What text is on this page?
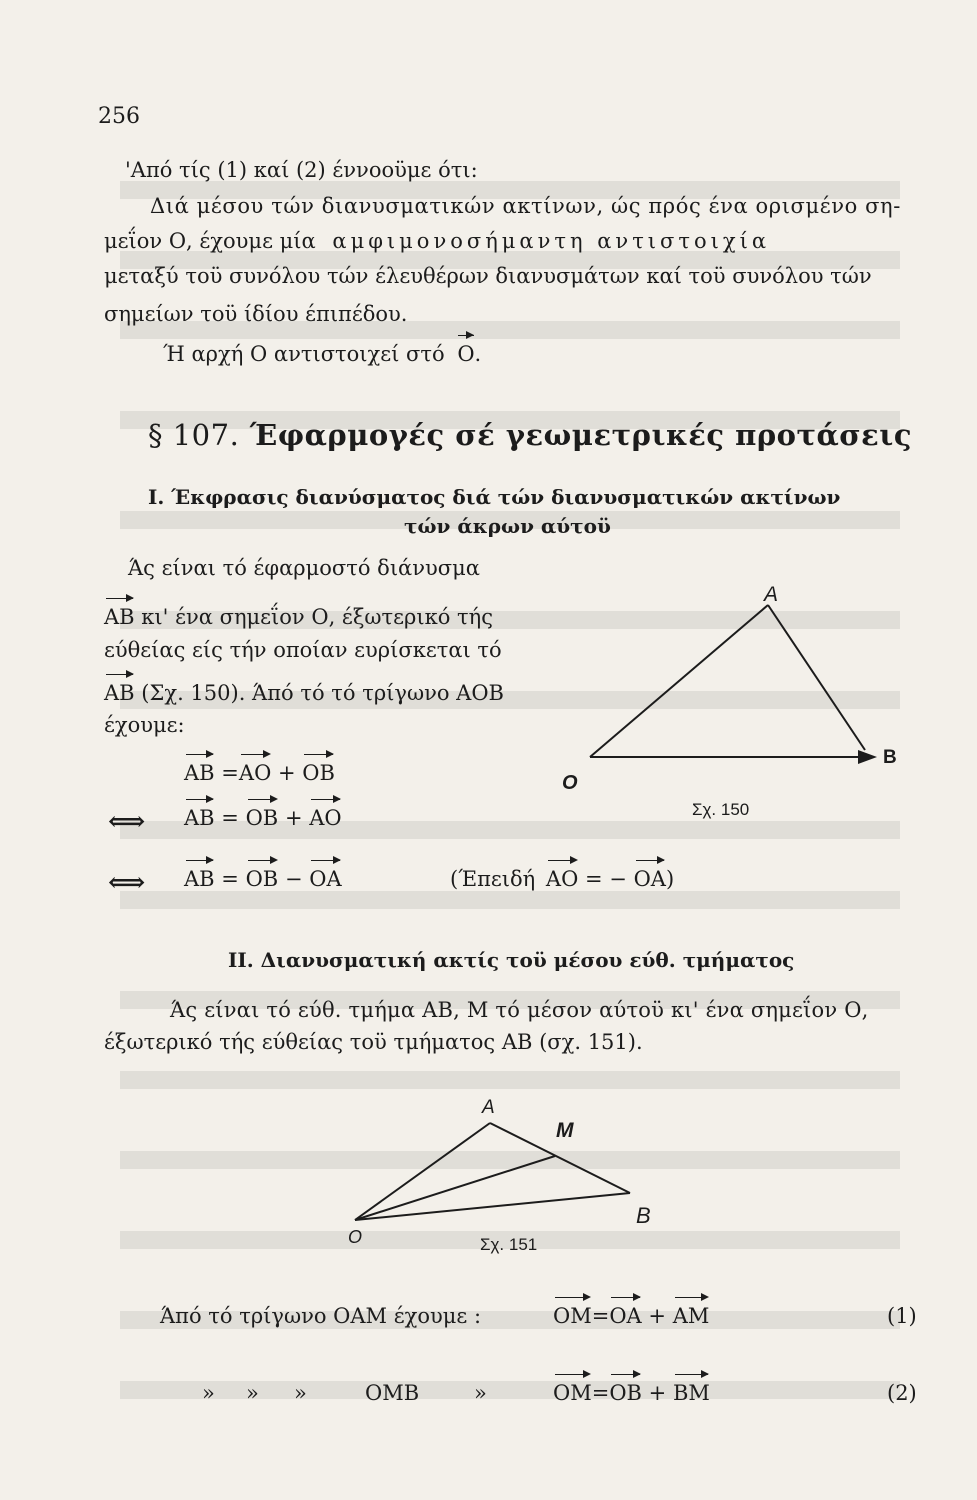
256
'Από τίς (1) καί (2) έννοοϋμε ότι:
Διά μέσου τών διανυσματικών ακτίνων, ώς πρός ένα ορισμένο ση-
μεΐον Ο, έχουμε μία αμφιμονοσήμαντη αντιστοιχία
μεταξύ τοϋ συνόλου τών έλευθέρων διανυσμάτων καί τοϋ συνόλου τών
σημείων τοϋ ίδίου έπιπέδου.
Ή αρχή Ο αντιστοιχεί στό Ο.
§ 107. Έφαρμογές σέ γεωμετρικές προτάσεις
Ι. Έκφρασις διανύσματος διά τών διανυσματικών ακτίνων
τών άκρων αύτοϋ
Άς είναι τό έφαρμοστό διάνυσμα
ΑΒ κι' ένα σημεΐον Ο, έξωτερικό τής
εύθείας είς τήν οποίαν ευρίσκεται τό
ΑΒ (Σχ. 150). Άπό τό τό τρίγωνο ΑΟΒ
έχουμε:
ΑΒ =ΑΟ + ΟΒ
⟺ ΑΒ = ΟΒ + ΑΟ
⟺ ΑΒ = ΟΒ − ΟΑ	(Έπειδή ΑΟ = − ΟΑ)
A
B
O
Σχ. 150
ΙΙ. Διανυσματική ακτίς τοϋ μέσου εύθ. τμήματος
Άς είναι τό εύθ. τμήμα ΑΒ, Μ τό μέσον αύτοϋ κι' ένα σημεΐον Ο,
έξωτερικό τής εύθείας τοϋ τμήματος ΑΒ (σχ. 151).
A
M
B
O	Σχ. 151
Άπό τό τρίγωνο ΟΑΜ έχουμε :	ΟΜ=ΟΑ + ΑΜ	(1)
» » »	ΟΜΒ	»	ΟΜ=ΟΒ + ΒΜ	(2)
